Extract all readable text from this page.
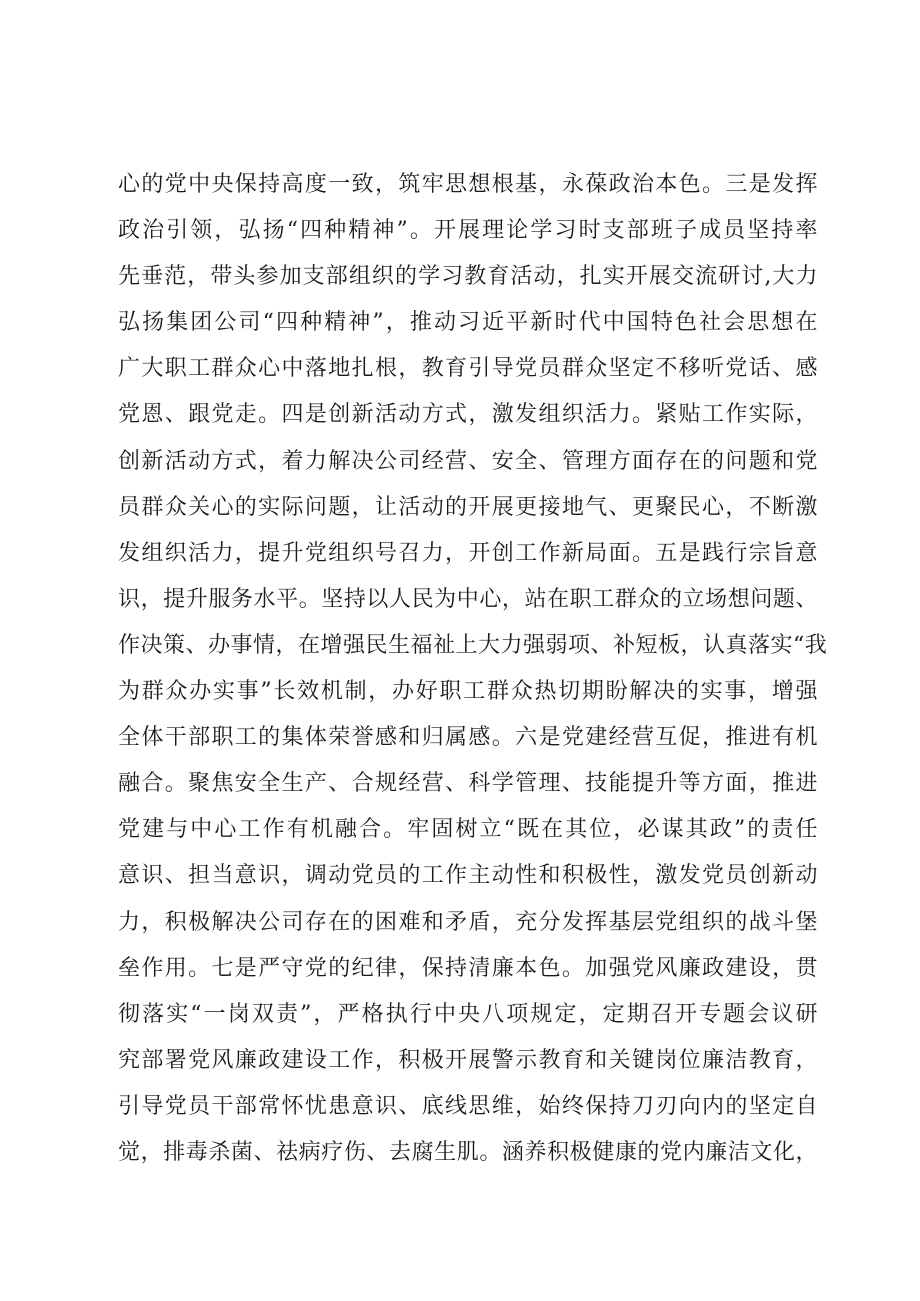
心的党中央保持高度一致，筑牢思想根基，永葆政治本色。三是发挥
政治引领，弘扬“四种精神”。开展理论学习时支部班子成员坚持率
先垂范，带头参加支部组织的学习教育活动，扎实开展交流研讨,大力
弘扬集团公司“四种精神”，推动习近平新时代中国特色社会思想在
广大职工群众心中落地扎根，教育引导党员群众坚定不移听党话、感
党恩、跟党走。四是创新活动方式，激发组织活力。紧贴工作实际，
创新活动方式，着力解决公司经营、安全、管理方面存在的问题和党
员群众关心的实际问题，让活动的开展更接地气、更聚民心，不断激
发组织活力，提升党组织号召力，开创工作新局面。五是践行宗旨意
识，提升服务水平。坚持以人民为中心，站在职工群众的立场想问题、
作决策、办事情，在增强民生福祉上大力强弱项、补短板，认真落实“我
为群众办实事”长效机制，办好职工群众热切期盼解决的实事，增强
全体干部职工的集体荣誉感和归属感。六是党建经营互促，推进有机
融合。聚焦安全生产、合规经营、科学管理、技能提升等方面，推进
党建与中心工作有机融合。牢固树立“既在其位，必谋其政”的责任
意识、担当意识，调动党员的工作主动性和积极性，激发党员创新动
力，积极解决公司存在的困难和矛盾，充分发挥基层党组织的战斗堡
垒作用。七是严守党的纪律，保持清廉本色。加强党风廉政建设，贯
彻落实“一岗双责”，严格执行中央八项规定，定期召开专题会议研
究部署党风廉政建设工作，积极开展警示教育和关键岗位廉洁教育，
引导党员干部常怀忧患意识、底线思维，始终保持刀刃向内的坚定自
觉，排毒杀菌、祛病疗伤、去腐生肌。涵养积极健康的党内廉洁文化，
